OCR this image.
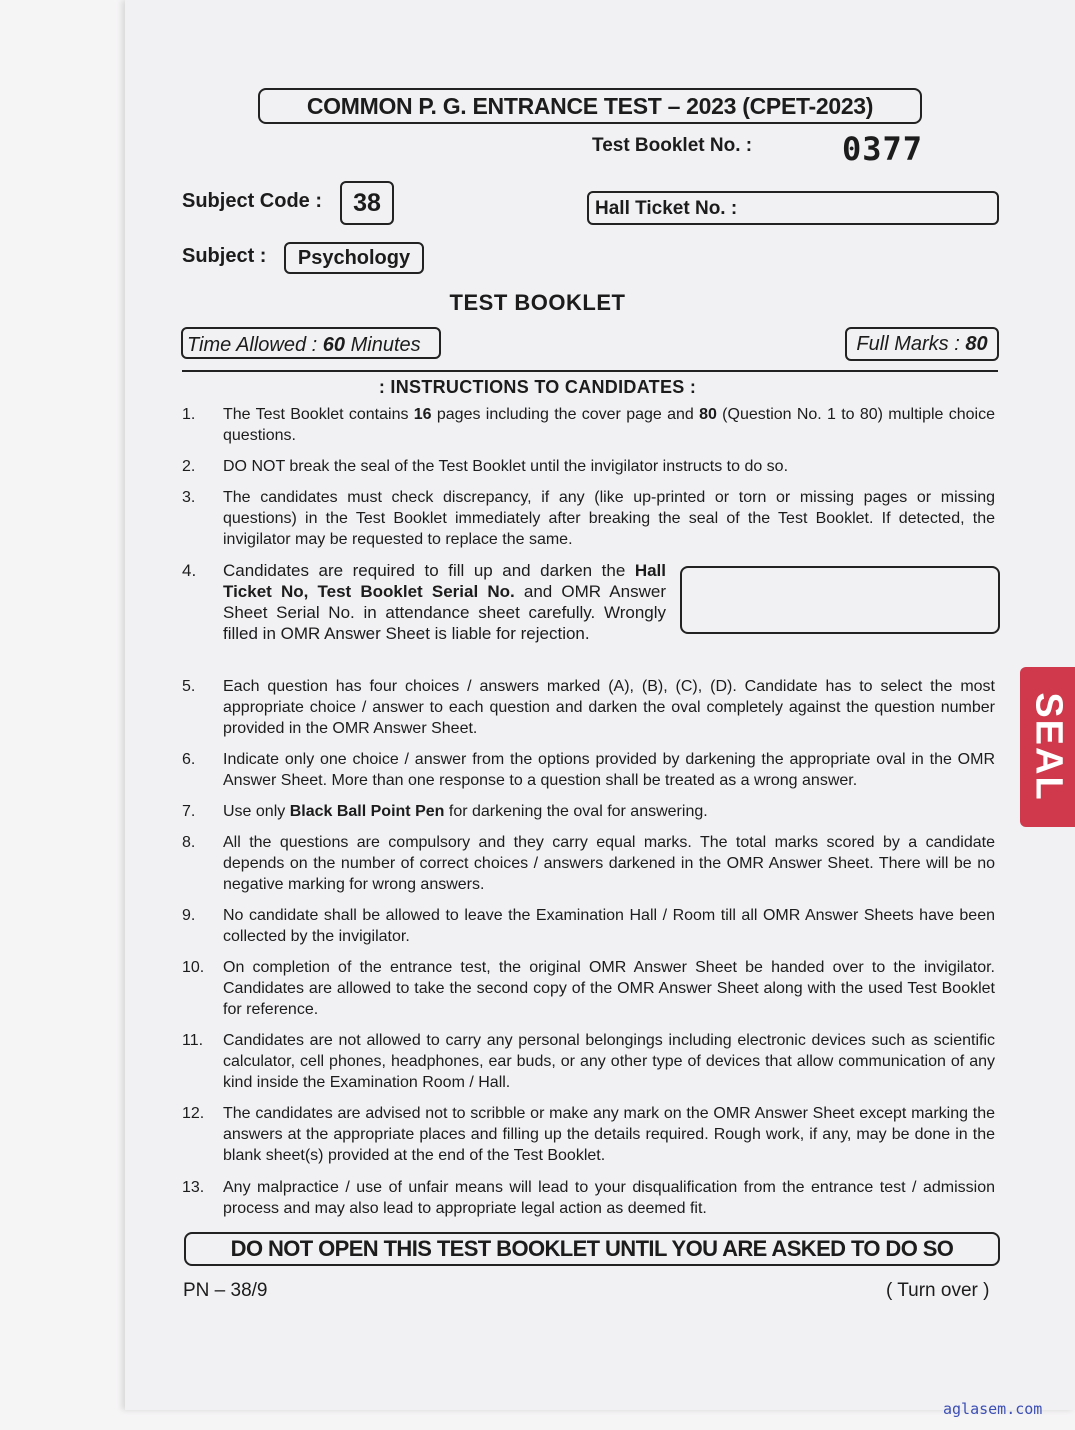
COMMON P. G. ENTRANCE TEST – 2023 (CPET-2023)
Test Booklet No. :	0377
Subject Code :	38	Hall Ticket No. :
Subject :	Psychology
TEST BOOKLET
Time Allowed : 60 Minutes	Full Marks : 80
: INSTRUCTIONS TO CANDIDATES :
1.	The Test Booklet contains 16 pages including the cover page and 80 (Question No. 1 to 80) multiple choice questions.
2.	DO NOT break the seal of the Test Booklet until the invigilator instructs to do so.
3.	The candidates must check discrepancy, if any (like up-printed or torn or missing pages or missing questions) in the Test Booklet immediately after breaking the seal of the Test Booklet. If detected, the invigilator may be requested to replace the same.
4.	Candidates are required to fill up and darken the Hall Ticket No, Test Booklet Serial No. and OMR Answer Sheet Serial No. in attendance sheet carefully. Wrongly filled in OMR Answer Sheet is liable for rejection.
5.	Each question has four choices / answers marked (A), (B), (C), (D). Candidate has to select the most appropriate choice / answer to each question and darken the oval completely against the question number provided in the OMR Answer Sheet.
6.	Indicate only one choice / answer from the options provided by darkening the appropriate oval in the OMR Answer Sheet. More than one response to a question shall be treated as a wrong answer.
7.	Use only Black Ball Point Pen for darkening the oval for answering.
8.	All the questions are compulsory and they carry equal marks. The total marks scored by a candidate depends on the number of correct choices / answers darkened in the OMR Answer Sheet. There will be no negative marking for wrong answers.
9.	No candidate shall be allowed to leave the Examination Hall / Room till all OMR Answer Sheets have been collected by the invigilator.
10.	On completion of the entrance test, the original OMR Answer Sheet be handed over to the invigilator. Candidates are allowed to take the second copy of the OMR Answer Sheet along with the used Test Booklet for reference.
11.	Candidates are not allowed to carry any personal belongings including electronic devices such as scientific calculator, cell phones, headphones, ear buds, or any other type of devices that allow communication of any kind inside the Examination Room / Hall.
12.	The candidates are advised not to scribble or make any mark on the OMR Answer Sheet except marking the answers at the appropriate places and filling up the details required. Rough work, if any, may be done in the blank sheet(s) provided at the end of the Test Booklet.
13.	Any malpractice / use of unfair means will lead to your disqualification from the entrance test / admission process and may also lead to appropriate legal action as deemed fit.
DO NOT OPEN THIS TEST BOOKLET UNTIL YOU ARE ASKED TO DO SO
PN – 38/9	( Turn over )
SEAL
aglasem.com
